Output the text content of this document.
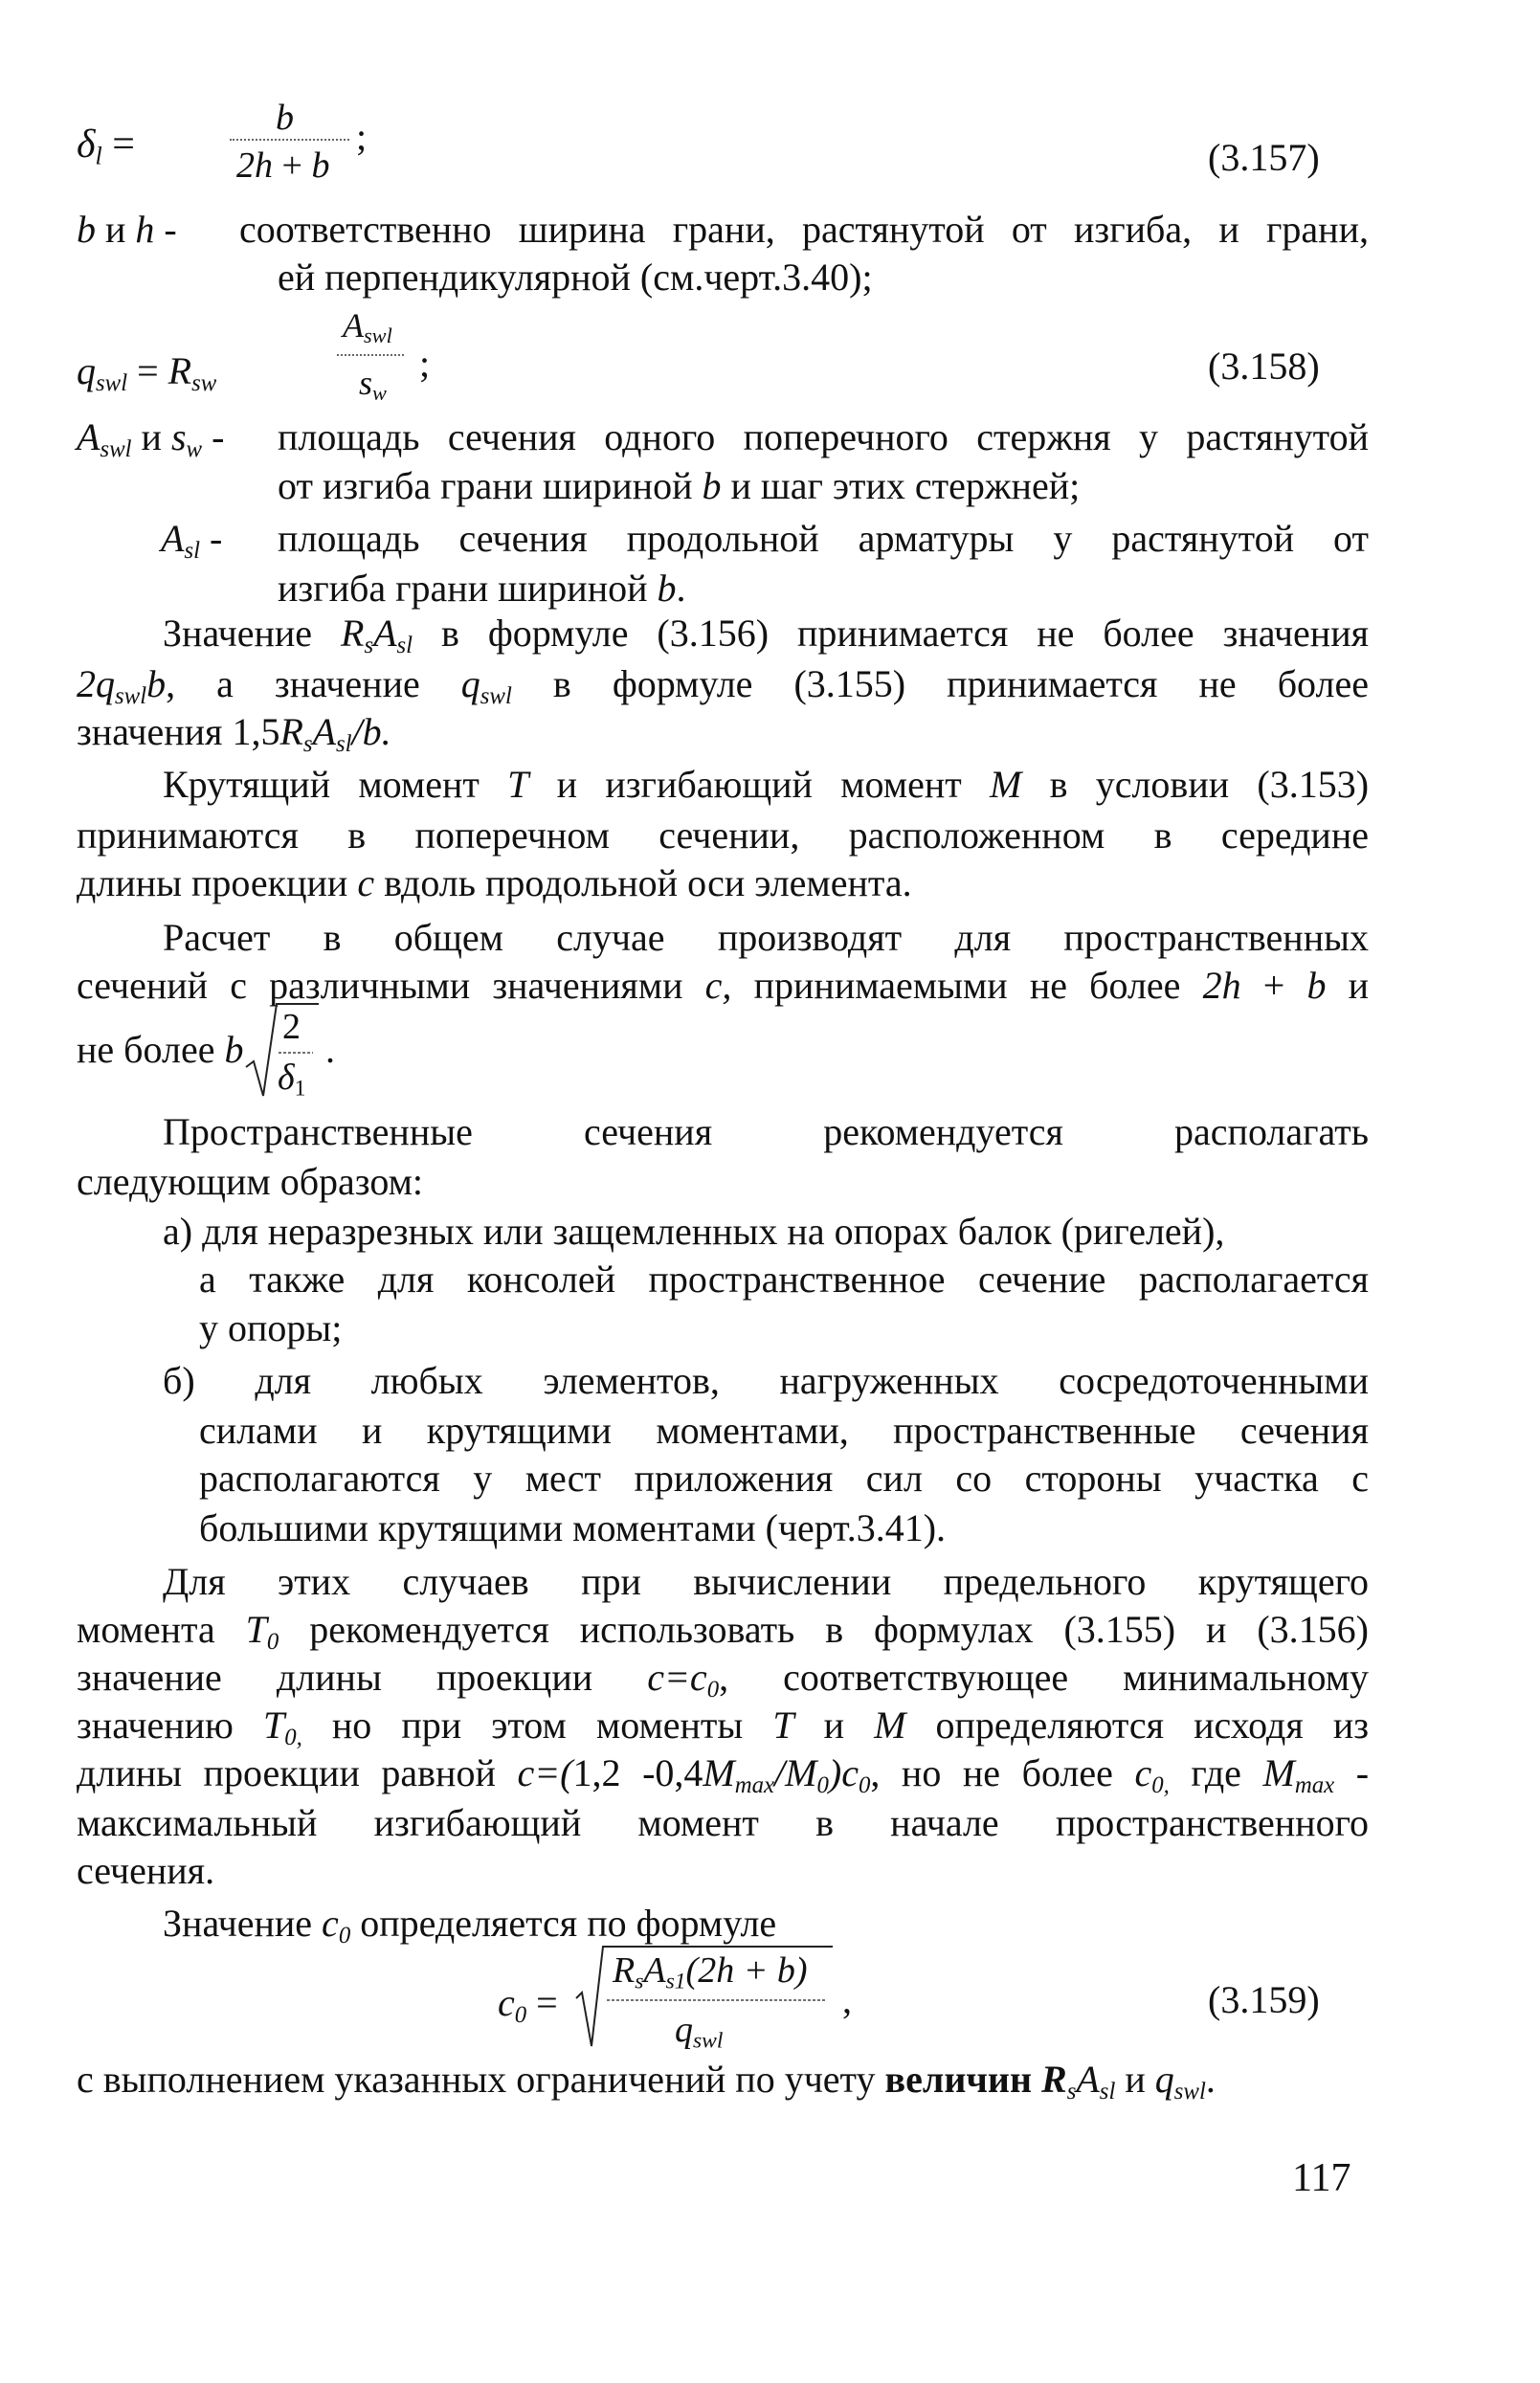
$\delta_l$ =
b
2h + b
;	(3.157)
b и h - соответственно ширина грани, растянутой от изгиба, и грани,
ей перпендикулярной (см.черт.3.40);
$q_{swl} = R_{sw}$
$A_{swl}$
$s_w$
;	(3.158)
$A_{swl}$ и $s_w$ - площадь сечения одного поперечного стержня у растянутой
от изгиба грани шириной b и шаг этих стержней;
$A_{sl}$ - площадь сечения продольной арматуры у растянутой от
изгиба грани шириной b.
Значение $R_sA_{sl}$ в формуле (3.156) принимается не более значения
$2q_{swl}b$, а значение $q_{swl}$ в формуле (3.155) принимается не более
значения $1,5R_sA_{sl}/b$.
Крутящий момент T и изгибающий момент M в условии (3.153)
принимаются в поперечном сечении, расположенном в середине
длины проекции c вдоль продольной оси элемента.
Расчет в общем случае производят для пространственных
сечений с различными значениями c, принимаемыми не более 2h + b и
не более b
2
$\delta_1$
.
Пространственные	сечения	рекомендуется	располагать
следующим образом:
а) для неразрезных или защемленных на опорах балок (ригелей),
а также для консолей пространственное сечение располагается
у опоры;
б) для любых элементов, нагруженных сосредоточенными
силами и крутящими моментами, пространственные сечения
располагаются у мест приложения сил со стороны участка с
большими крутящими моментами (черт.3.41).
Для этих случаев при вычислении предельного крутящего
момента $T_0$ рекомендуется использовать в формулах (3.155) и (3.156)
значение длины проекции $c=c_0$, соответствующее минимальному
значению $T_{0,}$ но при этом моменты T и M определяются исходя из
длины проекции равной c=(1,2 $-0,4M_{max}/M_0)c_0$, но не более $c_{0,}$ где $M_{max}$ -
максимальный изгибающий момент в начале пространственного
сечения.
Значение $c_0$ определяется по формуле
$c_0$ =
$R_sA_{s1}(2h + b)$
$q_{swl}$
,	(3.159)
с выполнением указанных ограничений по учету величин $R_sA_{sl}$ и $q_{swl}$.
117
